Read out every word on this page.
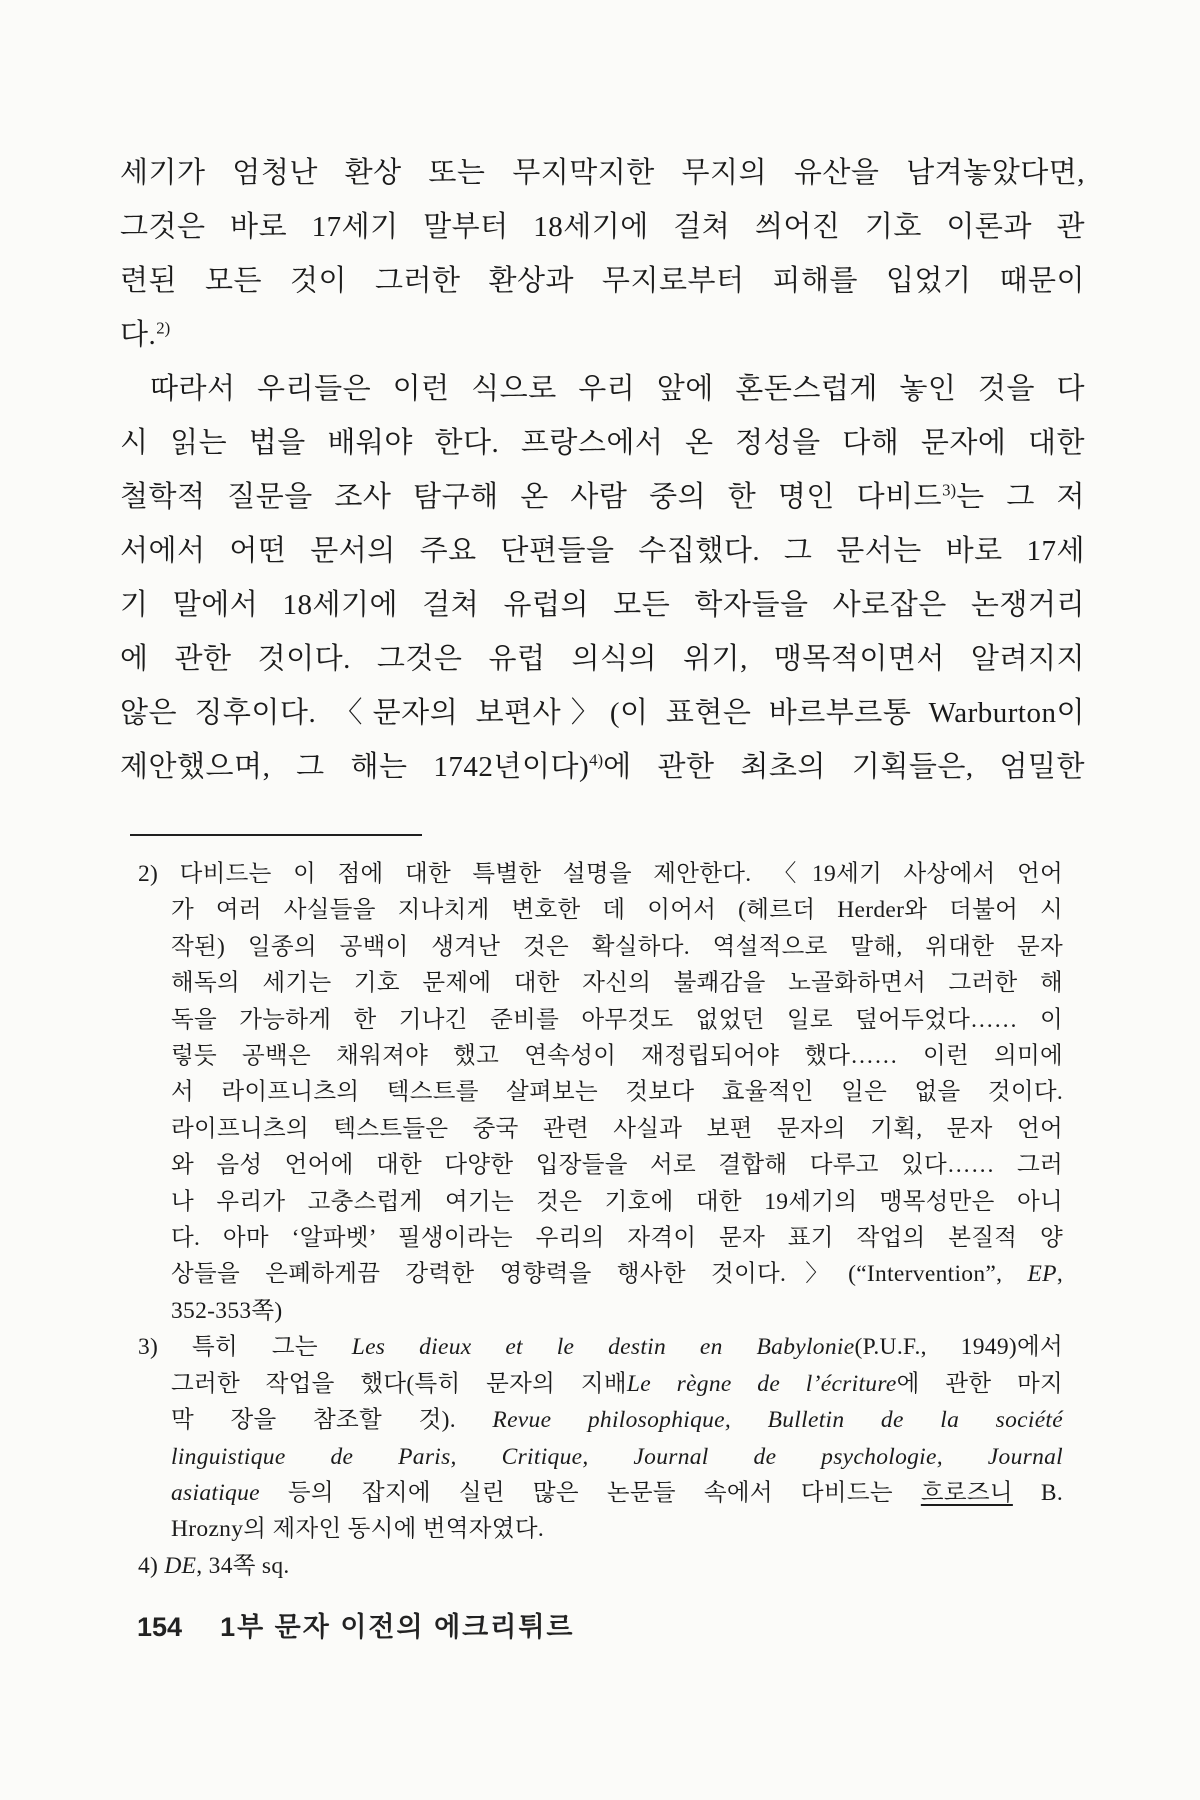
세기가 엄청난 환상 또는 무지막지한 무지의 유산을 남겨놓았다면,
그것은 바로 17세기 말부터 18세기에 걸쳐 씌어진 기호 이론과 관
련된 모든 것이 그러한 환상과 무지로부터 피해를 입었기 때문이
다.$^{2)}$
따라서 우리들은 이런 식으로 우리 앞에 혼돈스럽게 놓인 것을 다
시 읽는 법을 배워야 한다. 프랑스에서 온 정성을 다해 문자에 대한
철학적 질문을 조사 탐구해 온 사람 중의 한 명인 다비드$^{3)}$는 그 저
서에서 어떤 문서의 주요 단편들을 수집했다. 그 문서는 바로 17세
기 말에서 18세기에 걸쳐 유럽의 모든 학자들을 사로잡은 논쟁거리
에 관한 것이다. 그것은 유럽 의식의 위기, 맹목적이면서 알려지지
않은 징후이다. 〈문자의 보편사〉(이 표현은 바르부르통 Warburton이
제안했으며, 그 해는 1742년이다)$^{4)}$에 관한 최초의 기획들은, 엄밀한
2) 다비드는 이 점에 대한 특별한 설명을 제안한다. 〈19세기 사상에서 언어
가 여러 사실들을 지나치게 변호한 데 이어서 (헤르더 Herder와 더불어 시
작된) 일종의 공백이 생겨난 것은 확실하다. 역설적으로 말해, 위대한 문자
해독의 세기는 기호 문제에 대한 자신의 불쾌감을 노골화하면서 그러한 해
독을 가능하게 한 기나긴 준비를 아무것도 없었던 일로 덮어두었다…… 이
렇듯 공백은 채워져야 했고 연속성이 재정립되어야 했다…… 이런 의미에
서 라이프니츠의 텍스트를 살펴보는 것보다 효율적인 일은 없을 것이다.
라이프니츠의 텍스트들은 중국 관련 사실과 보편 문자의 기획, 문자 언어
와 음성 언어에 대한 다양한 입장들을 서로 결합해 다루고 있다…… 그러
나 우리가 고충스럽게 여기는 것은 기호에 대한 19세기의 맹목성만은 아니
다. 아마 ‘알파벳’ 필생이라는 우리의 자격이 문자 표기 작업의 본질적 양
상들을 은폐하게끔 강력한 영향력을 행사한 것이다.〉(“Intervention”, EP,
352-353쪽)
3) 특히 그는 Les dieux et le destin en Babylonie(P.U.F., 1949)에서
그러한 작업을 했다(특히 문자의 지배Le règne de l’écriture에 관한 마지
막 장을 참조할 것). Revue philosophique, Bulletin de la société
linguistique de Paris, Critique, Journal de psychologie, Journal
asiatique 등의 잡지에 실린 많은 논문들 속에서 다비드는 흐로즈니 B.
Hrozny의 제자인 동시에 번역자였다.
4) DE, 34쪽 sq.
154 1부 문자 이전의 에크리튀르
